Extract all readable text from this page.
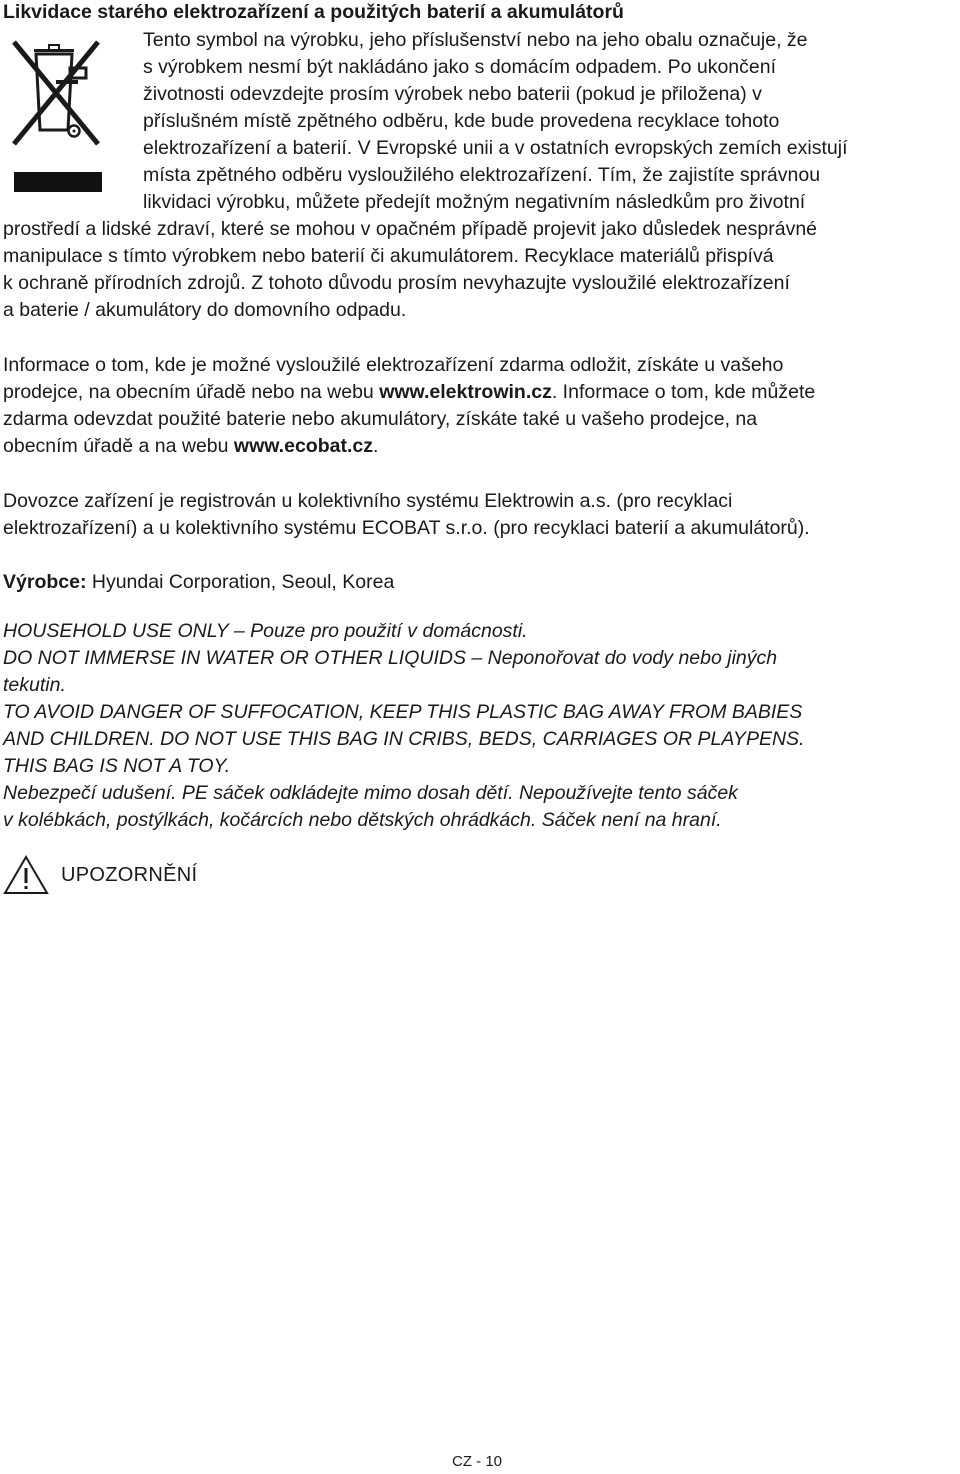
Likvidace starého elektrozařízení a použitých baterií a akumulátorů
Tento symbol na výrobku, jeho příslušenství nebo na jeho obalu označuje, že
s výrobkem nesmí být nakládáno jako s domácím odpadem. Po ukončení
životnosti odevzdejte prosím výrobek nebo baterii (pokud je přiložena) v
příslušném místě zpětného odběru, kde bude provedena recyklace tohoto
elektrozařízení a baterií. V Evropské unii a v ostatních evropských zemích existují
místa zpětného odběru vysloužilého elektrozařízení. Tím, že zajistíte správnou
likvidaci výrobku, můžete předejít možným negativním následkům pro životní
prostředí a lidské zdraví, které se mohou v opačném případě projevit jako důsledek nesprávné
manipulace s tímto výrobkem nebo baterií či akumulátorem. Recyklace materiálů přispívá
k ochraně přírodních zdrojů. Z tohoto důvodu prosím nevyhazujte vysloužilé elektrozařízení
a baterie / akumulátory do domovního odpadu.
Informace o tom, kde je možné vysloužilé elektrozařízení zdarma odložit, získáte u vašeho
prodejce, na obecním úřadě nebo na webu www.elektrowin.cz. Informace o tom, kde můžete
zdarma odevzdat použité baterie nebo akumulátory, získáte také u vašeho prodejce, na
obecním úřadě a na webu www.ecobat.cz.
Dovozce zařízení je registrován u kolektivního systému Elektrowin a.s. (pro recyklaci
elektrozařízení) a u kolektivního systému ECOBAT s.r.o. (pro recyklaci baterií a akumulátorů).
Výrobce: Hyundai Corporation, Seoul, Korea
HOUSEHOLD USE ONLY – Pouze pro použití v domácnosti.
DO NOT IMMERSE IN WATER OR OTHER LIQUIDS – Neponořovat do vody nebo jiných
tekutin.
TO AVOID DANGER OF SUFFOCATION, KEEP THIS PLASTIC BAG AWAY FROM BABIES
AND CHILDREN. DO NOT USE THIS BAG IN CRIBS, BEDS, CARRIAGES OR PLAYPENS.
THIS BAG IS NOT A TOY.
Nebezpečí udušení. PE sáček odkládejte mimo dosah dětí. Nepoužívejte tento sáček
v kolébkách, postýlkách, kočárcích nebo dětských ohrádkách. Sáček není na hraní.
UPOZORNĚNÍ
CZ - 10
